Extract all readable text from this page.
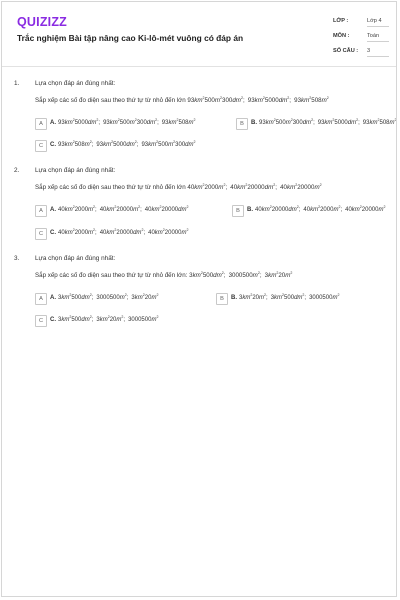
QUIZIZZ
Trắc nghiệm Bài tập nâng cao Ki-lô-mét vuông có đáp án
LỚP :	Lớp 4
MÔN :	Toán
SỐ CÂU : 3
1. Lựa chọn đáp án đúng nhất:
Sắp xếp các số đo diện sau theo thứ tự từ nhỏ đến lớn $93km^2500m^2300dm^2$;  $93km^25000dm^2$;  $93km^2508m^2$
A	A. $93km^25000dm^2$;  $93km^2500m^2300dm^2$;  $93km^2508m^2$
B	B. $93km^2500m^2300dm^2$;  $93km^25000dm^2$;  $93km^2508m^2$
C	C. $93km^2508m^2$;  $93km^25000dm^2$;  $93km^2500m^2300dm^2$
2. Lựa chọn đáp án đúng nhất:
Sắp xếp các số đo diện sau theo thứ tự từ nhỏ đến lớn $40km^22000m^2$;  $40km^220000dm^2$;  $40km^220000m^2$
A	A. $40km^22000m^2$;  $40km^220000m^2$;  $40km^220000dm^2$
B	B. $40km^220000dm^2$;  $40km^22000m^2$;  $40km^220000m^2$
C	C. $40km^22000m^2$;  $40km^220000dm^2$;  $40km^220000m^2$
3. Lựa chọn đáp án đúng nhất:
Sắp xếp các số đo diện sau theo thứ tự từ nhỏ đến lớn: $3km^2500dm^2$;  $3000500m^2$;  $3km^220m^2$
A	A. $3km^2500dm^2$;  $3000500m^2$;  $3km^220m^2$
B	B. $3km^220m^2$;  $3km^2500dm^2$;  $3000500m^2$
C	C. $3km^2500dm^2$;  $3km^220m^2$;  $3000500m^2$
